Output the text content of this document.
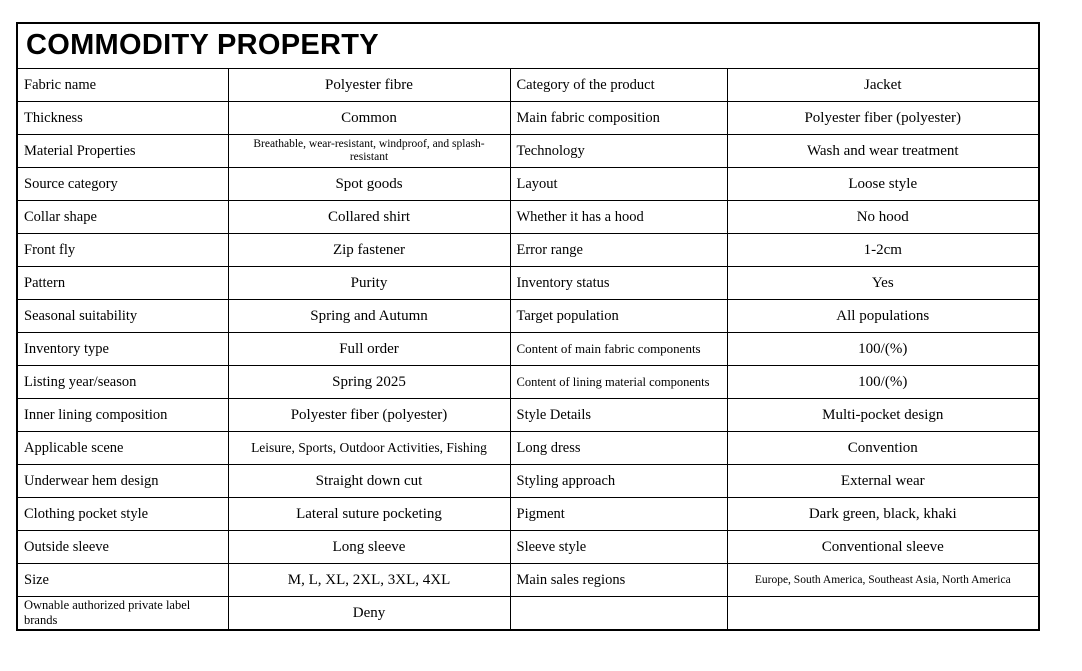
COMMODITY PROPERTY			
Fabric name	Polyester fibre	Category of the product	Jacket
Thickness	Common	Main fabric composition	Polyester fiber (polyester)
Material Properties	Breathable, wear-resistant, windproof, and splash-resistant	Technology	Wash and wear treatment
Source category	Spot goods	Layout	Loose style
Collar shape	Collared shirt	Whether it has a hood	No hood
Front fly	Zip fastener	Error range	1-2cm
Pattern	Purity	Inventory status	Yes
Seasonal suitability	Spring and Autumn	Target population	All populations
Inventory type	Full order	Content of main fabric components	100/(%)
Listing year/season	Spring 2025	Content of lining material components	100/(%)
Inner lining composition	Polyester fiber (polyester)	Style Details	Multi-pocket design
Applicable scene	Leisure, Sports, Outdoor Activities, Fishing	Long dress	Convention
Underwear hem design	Straight down cut	Styling approach	External wear
Clothing pocket style	Lateral suture pocketing	Pigment	Dark green, black, khaki
Outside sleeve	Long sleeve	Sleeve style	Conventional sleeve
Size	M, L, XL, 2XL, 3XL, 4XL	Main sales regions	Europe, South America, Southeast Asia, North America
Ownable authorized private label brands	Deny		
